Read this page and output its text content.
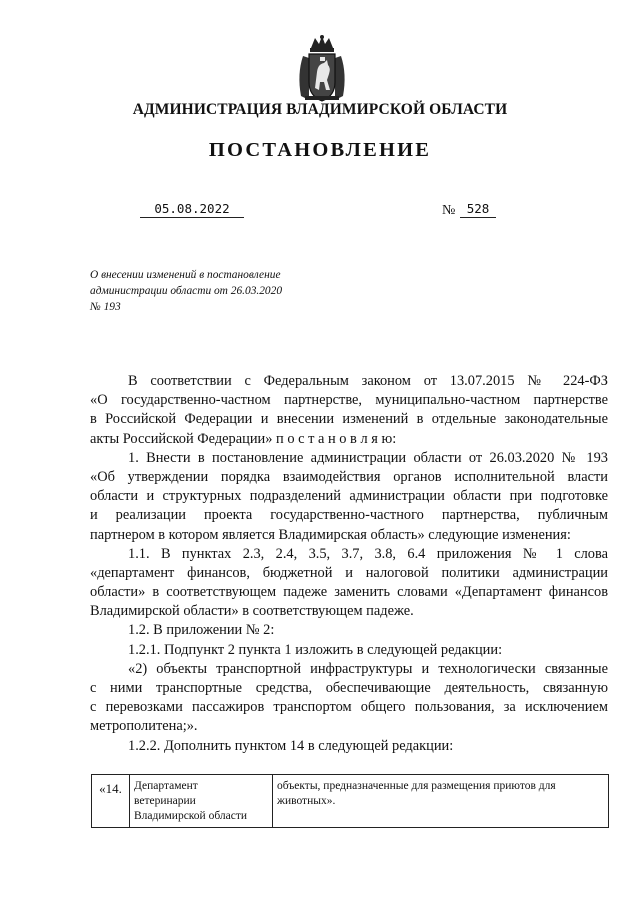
АДМИНИСТРАЦИЯ ВЛАДИМИРСКОЙ ОБЛАСТИ
ПОСТАНОВЛЕНИЕ
05.08.2022	№ 528
О внесении изменений в постановление
администрации области от 26.03.2020
№ 193
В соответствии с Федеральным законом от 13.07.2015 № 224-ФЗ
«О государственно-частном партнерстве, муниципально-частном партнерстве
в Российской Федерации и внесении изменений в отдельные законодательные
акты Российской Федерации» п о с т а н о в л я ю:
1. Внести в постановление администрации области от 26.03.2020 № 193
«Об утверждении порядка взаимодействия органов исполнительной власти
области и структурных подразделений администрации области при подготовке
и реализации проекта государственно-частного партнерства, публичным
партнером в котором является Владимирская область» следующие изменения:
1.1. В пунктах 2.3, 2.4, 3.5, 3.7, 3.8, 6.4 приложения № 1 слова
«департамент финансов, бюджетной и налоговой политики администрации
области» в соответствующем падеже заменить словами «Департамент финансов
Владимирской области» в соответствующем падеже.
1.2. В приложении № 2:
1.2.1. Подпункт 2 пункта 1 изложить в следующей редакции:
«2) объекты транспортной инфраструктуры и технологически связанные
с ними транспортные средства, обеспечивающие деятельность, связанную
с перевозками пассажиров транспортом общего пользования, за исключением
метрополитена;».
1.2.2. Дополнить пунктом 14 в следующей редакции:
«14.	Департамент
ветеринарии
Владимирской области
объекты, предназначенные для размещения приютов для
животных».
